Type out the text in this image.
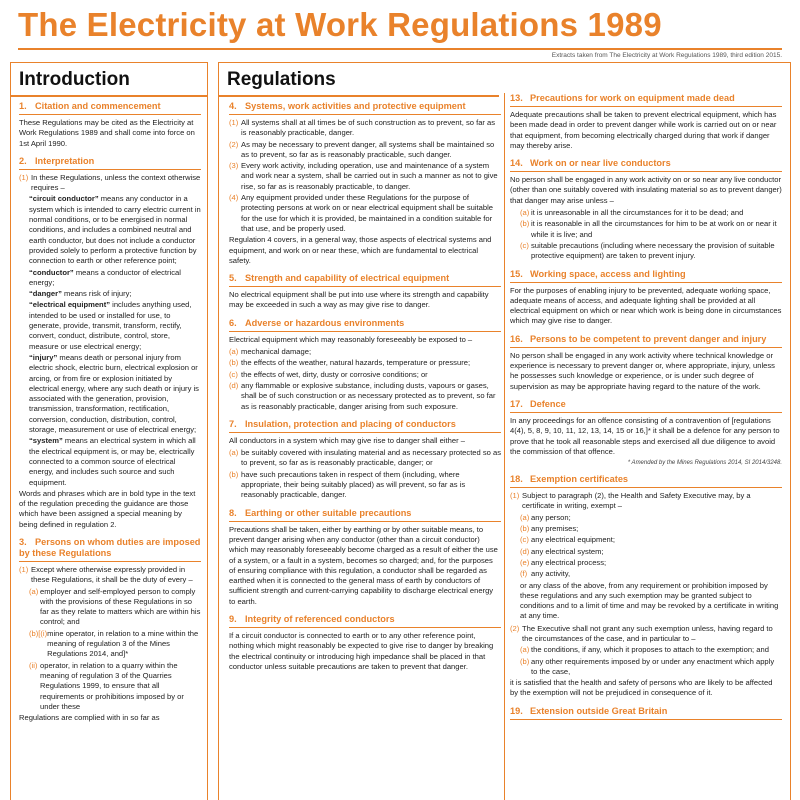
The Electricity at Work Regulations 1989
Extracts taken from The Electricity at Work Regulations 1989, third edition 2015.
Introduction
1. Citation and commencement
These Regulations may be cited as the Electricity at Work Regulations 1989 and shall come into force on 1st April 1990.
2. Interpretation
(1) In these Regulations, unless the context otherwise requires –
“circuit conductor” means any conductor in a system which is intended to carry electric current in normal conditions, or to be energised in normal conditions, and includes a combined neutral and earth conductor, but does not include a conductor provided solely to perform a protective function by connection to earth or other reference point;
“conductor” means a conductor of electrical energy;
“danger” means risk of injury;
“electrical equipment” includes anything used, intended to be used or installed for use, to generate, provide, transmit, transform, rectify, convert, conduct, distribute, control, store, measure or use electrical energy;
“injury” means death or personal injury from electric shock, electric burn, electrical explosion or arcing, or from fire or explosion initiated by electrical energy, where any such death or injury is associated with the generation, provision, transmission, transformation, rectification, conversion, conduction, distribution, control, storage, measurement or use of electrical energy;
“system” means an electrical system in which all the electrical equipment is, or may be, electrically connected to a common source of electrical energy, and includes such source and such equipment.
Words and phrases which are in bold type in the text of the regulation preceding the guidance are those which have been assigned a special meaning by being defined in regulation 2.
3. Persons on whom duties are imposed by these Regulations
(1) Except where otherwise expressly provided in these Regulations, it shall be the duty of every –
(a) employer and self-employed person to comply with the provisions of these Regulations in so far as they relate to matters which are within his control; and
(b)[(i) mine operator, in relation to a mine within the meaning of regulation 3 of the Mines Regulations 2014, and]*
(ii) operator, in relation to a quarry within the meaning of regulation 3 of the Quarries Regulations 1999, to ensure that all requirements or prohibitions imposed by or under these
Regulations are complied with in so far as
Regulations
4. Systems, work activities and protective equipment
(1) All systems shall at all times be of such construction as to prevent, so far as is reasonably practicable, danger.
(2) As may be necessary to prevent danger, all systems shall be maintained so as to prevent, so far as is reasonably practicable, such danger.
(3) Every work activity, including operation, use and maintenance of a system and work near a system, shall be carried out in such a manner as not to give rise, so far as is reasonably practicable, to danger.
(4) Any equipment provided under these Regulations for the purpose of protecting persons at work on or near electrical equipment shall be suitable for the use for which it is provided, be maintained in a condition suitable for that use, and be properly used.
Regulation 4 covers, in a general way, those aspects of electrical systems and equipment, and work on or near these, which are fundamental to electrical safety.
5. Strength and capability of electrical equipment
No electrical equipment shall be put into use where its strength and capability may be exceeded in such a way as may give rise to danger.
6. Adverse or hazardous environments
Electrical equipment which may reasonably foreseeably be exposed to –
(a) mechanical damage;
(b) the effects of the weather, natural hazards, temperature or pressure;
(c) the effects of wet, dirty, dusty or corrosive conditions; or
(d) any flammable or explosive substance, including dusts, vapours or gases, shall be of such construction or as necessary protected as to prevent, so far as is reasonably practicable, danger arising from such exposure.
7. Insulation, protection and placing of conductors
All conductors in a system which may give rise to danger shall either –
(a) be suitably covered with insulating material and as necessary protected so as to prevent, so far as is reasonably practicable, danger; or
(b) have such precautions taken in respect of them (including, where appropriate, their being suitably placed) as will prevent, so far as is reasonably practicable, danger.
8. Earthing or other suitable precautions
Precautions shall be taken, either by earthing or by other suitable means, to prevent danger arising when any conductor (other than a circuit conductor) which may reasonably foreseeably become charged as a result of either the use of a system, or a fault in a system, becomes so charged; and, for the purposes of ensuring compliance with this regulation, a conductor shall be regarded as earthed when it is connected to the general mass of earth by conductors of sufficient strength and current-carrying capability to discharge electrical energy to earth.
9. Integrity of referenced conductors
If a circuit conductor is connected to earth or to any other reference point, nothing which might reasonably be expected to give rise to danger by breaking the electrical continuity or introducing high impedance shall be placed in that conductor unless suitable precautions are taken to prevent that danger.
13. Precautions for work on equipment made dead
Adequate precautions shall be taken to prevent electrical equipment, which has been made dead in order to prevent danger while work is carried out on or near that equipment, from becoming electrically charged during that work if danger may thereby arise.
14. Work on or near live conductors
No person shall be engaged in any work activity on or so near any live conductor (other than one suitably covered with insulating material so as to prevent danger) that danger may arise unless –
(a) it is unreasonable in all the circumstances for it to be dead; and
(b) it is reasonable in all the circumstances for him to be at work on or near it while it is live; and
(c) suitable precautions (including where necessary the provision of suitable protective equipment) are taken to prevent injury.
15. Working space, access and lighting
For the purposes of enabling injury to be prevented, adequate working space, adequate means of access, and adequate lighting shall be provided at all electrical equipment on which or near which work is being done in circumstances which may give rise to danger.
16. Persons to be competent to prevent danger and injury
No person shall be engaged in any work activity where technical knowledge or experience is necessary to prevent danger or, where appropriate, injury, unless he possesses such knowledge or experience, or is under such degree of supervision as may be appropriate having regard to the nature of the work.
17. Defence
In any proceedings for an offence consisting of a contravention of [regulations 4(4), 5, 8, 9, 10, 11, 12, 13, 14, 15 or 16,]* it shall be a defence for any person to prove that he took all reasonable steps and exercised all due diligence to avoid the commission of that offence.
* Amended by the Mines Regulations 2014, SI 2014/3248.
18. Exemption certificates
(1) Subject to paragraph (2), the Health and Safety Executive may, by a certificate in writing, exempt –
(a) any person;
(b) any premises;
(c) any electrical equipment;
(d) any electrical system;
(e) any electrical process;
(f) any activity,
or any class of the above, from any requirement or prohibition imposed by these regulations and any such exemption may be granted subject to conditions and to a limit of time and may be revoked by a certificate in writing at any time.
(2) The Executive shall not grant any such exemption unless, having regard to the circumstances of the case, and in particular to –
(a) the conditions, if any, which it proposes to attach to the exemption; and
(b) any other requirements imposed by or under any enactment which apply to the case,
it is satisfied that the health and safety of persons who are likely to be affected by the exemption will not be prejudiced in consequence of it.
19. Extension outside Great Britain
